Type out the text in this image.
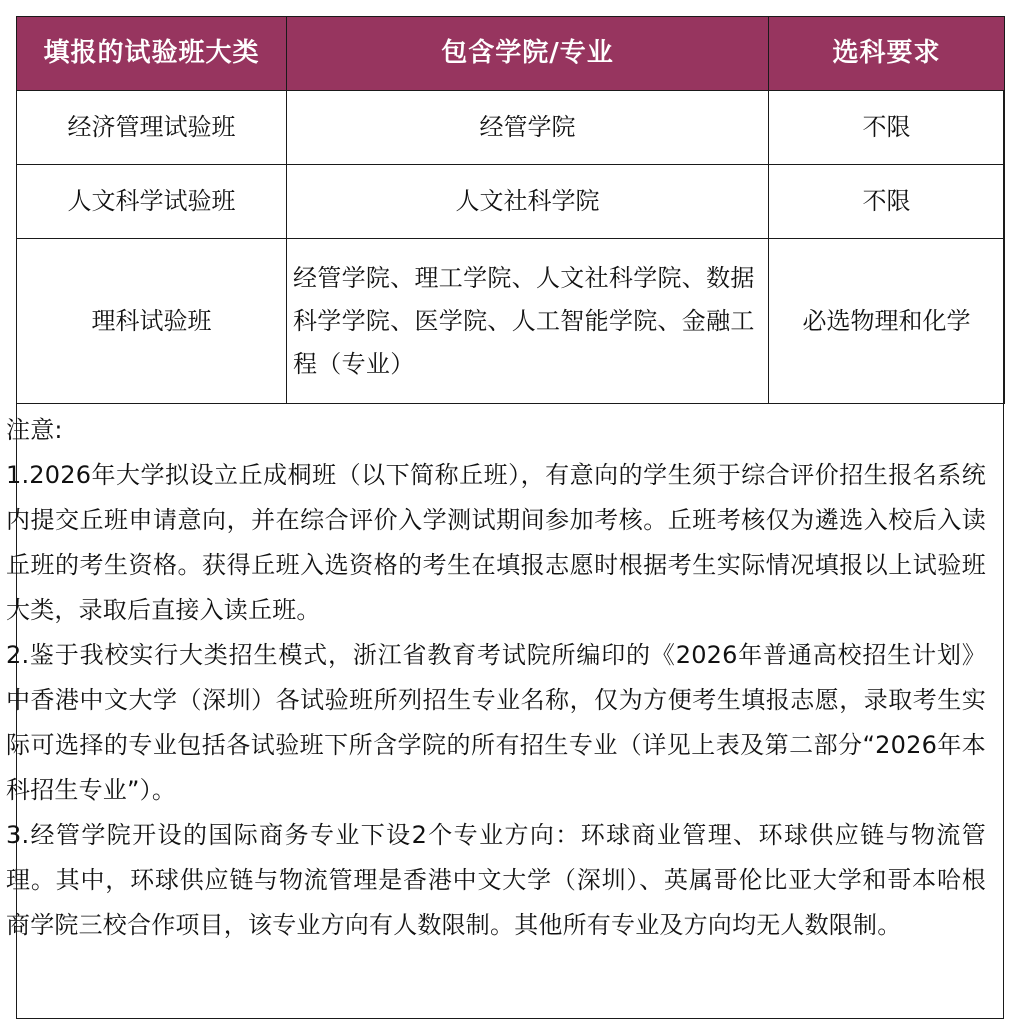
填报的试验班大类	包含学院/专业	选科要求
经济管理试验班	经管学院	不限
人文科学试验班	人文社科学院	不限
理科试验班	经管学院、理工学院、人文社科学院、数据科学学院、医学院、人工智能学院、金融工程（专业）	必选物理和化学

注意:

1.2026年大学拟设立丘成桐班（以下简称丘班），有意向的学生须于综合评价招生报名系统内提交丘班申请意向，并在综合评价入学测试期间参加考核。丘班考核仅为遴选入校后入读丘班的考生资格。获得丘班入选资格的考生在填报志愿时根据考生实际情况填报以上试验班大类，录取后直接入读丘班。

2.鉴于我校实行大类招生模式，浙江省教育考试院所编印的《2026年普通高校招生计划》中香港中文大学（深圳）各试验班所列招生专业名称，仅为方便考生填报志愿，录取考生实际可选择的专业包括各试验班下所含学院的所有招生专业（详见上表及第二部分“2026年本科招生专业”）。

3.经管学院开设的国际商务专业下设2个专业方向：环球商业管理、环球供应链与物流管理。其中，环球供应链与物流管理是香港中文大学（深圳）、英属哥伦比亚大学和哥本哈根商学院三校合作项目，该专业方向有人数限制。其他所有专业及方向均无人数限制。
